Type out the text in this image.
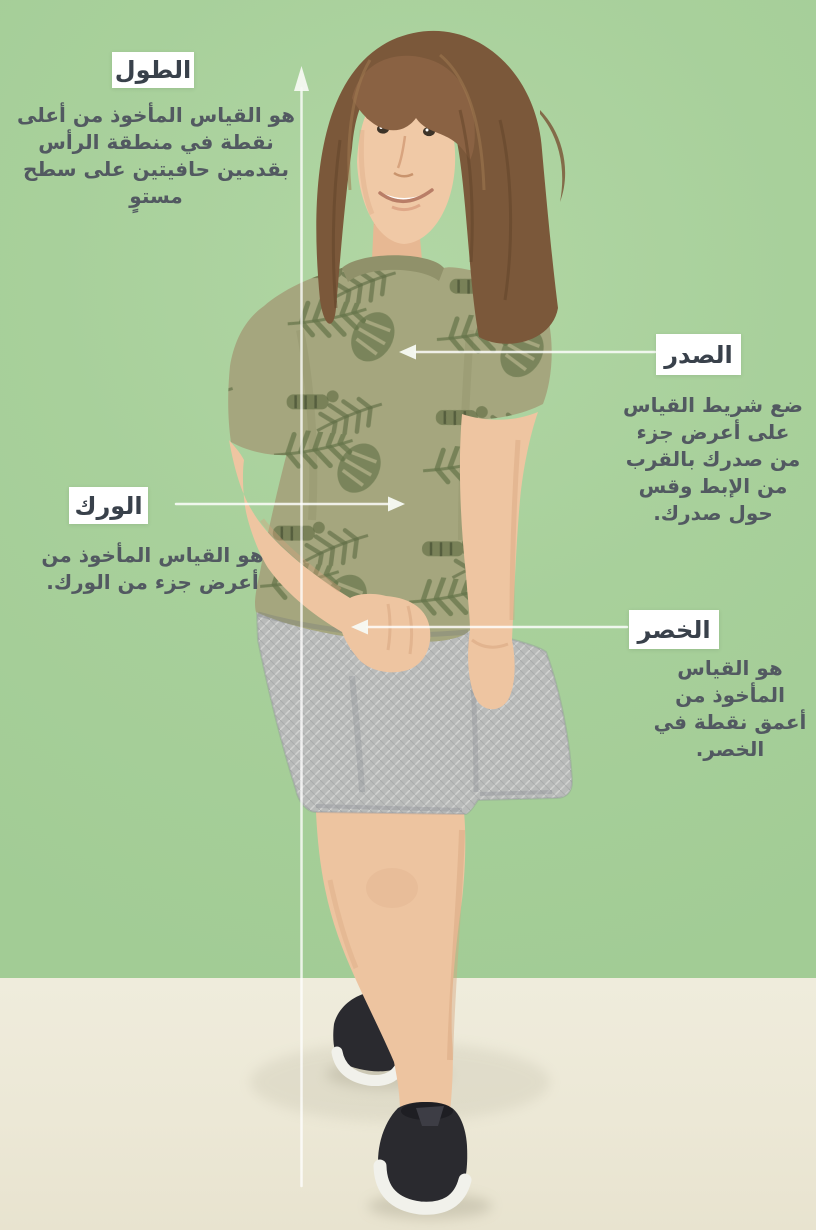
الطول
الصدر
الورك
الخصر
هو القياس المأخوذ من أعلى نقطة في منطقة الرأس بقدمين حافيتين على سطح مستوٍ
ضع شريط القياس على أعرض جزء من صدرك بالقرب من الإبط وقس حول صدرك.
هو القياس المأخوذ من أعرض جزء من الورك.
هو القياس المأخوذ من أعمق نقطة في الخصر.
